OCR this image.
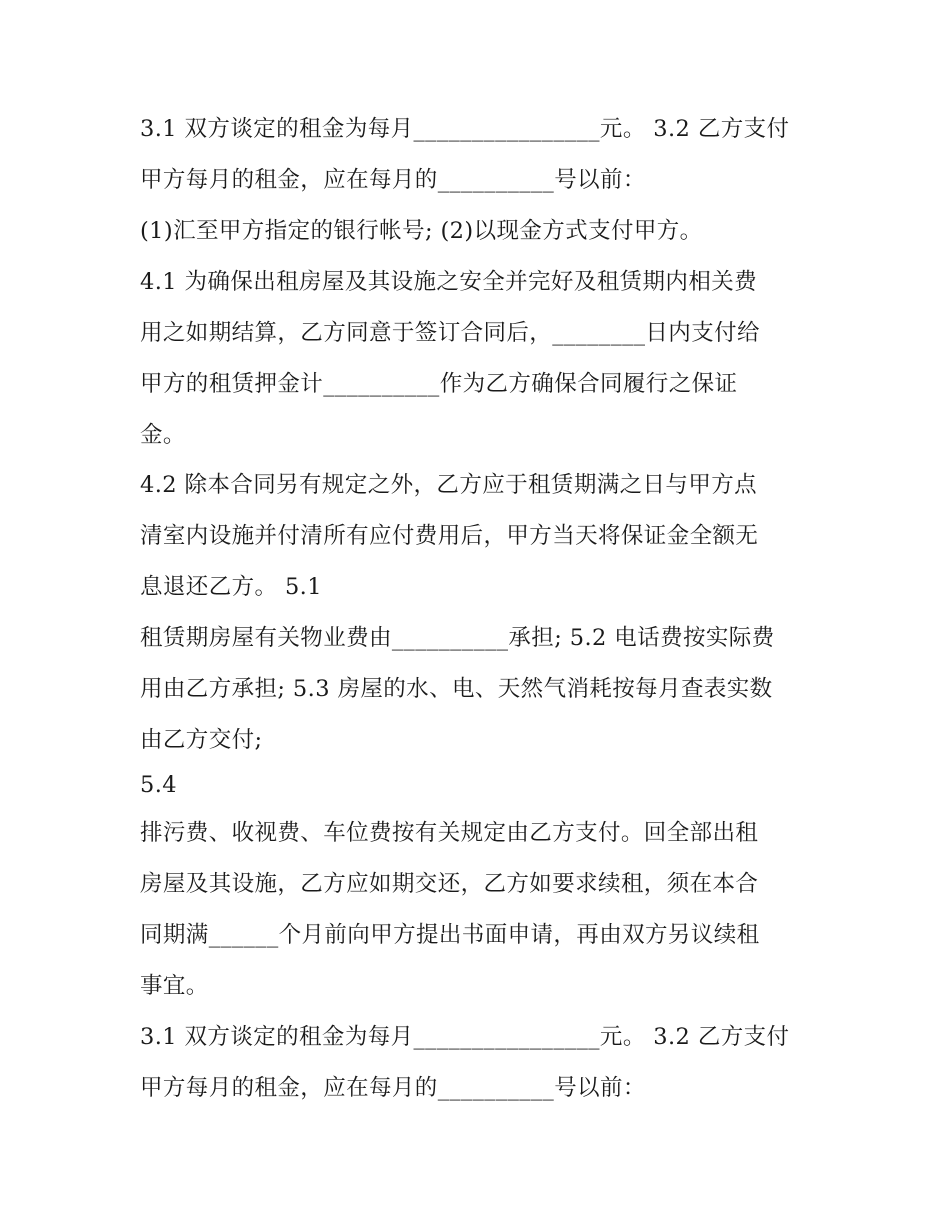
3.1 双方谈定的租金为每月________________元。 3.2 乙方支付

甲方每月的租金，应在每月的__________号以前：

(1)汇至甲方指定的银行帐号; (2)以现金方式支付甲方。

4.1 为确保出租房屋及其设施之安全并完好及租赁期内相关费

用之如期结算，乙方同意于签订合同后，________日内支付给

甲方的租赁押金计__________作为乙方确保合同履行之保证

金。

4.2 除本合同另有规定之外，乙方应于租赁期满之日与甲方点

清室内设施并付清所有应付费用后，甲方当天将保证金全额无

息退还乙方。 5.1

租赁期房屋有关物业费由__________承担; 5.2 电话费按实际费

用由乙方承担; 5.3 房屋的水、电、天然气消耗按每月查表实数

由乙方交付;

5.4

排污费、收视费、车位费按有关规定由乙方支付。回全部出租

房屋及其设施，乙方应如期交还，乙方如要求续租，须在本合

同期满______个月前向甲方提出书面申请，再由双方另议续租

事宜。

3.1 双方谈定的租金为每月________________元。 3.2 乙方支付

甲方每月的租金，应在每月的__________号以前：
